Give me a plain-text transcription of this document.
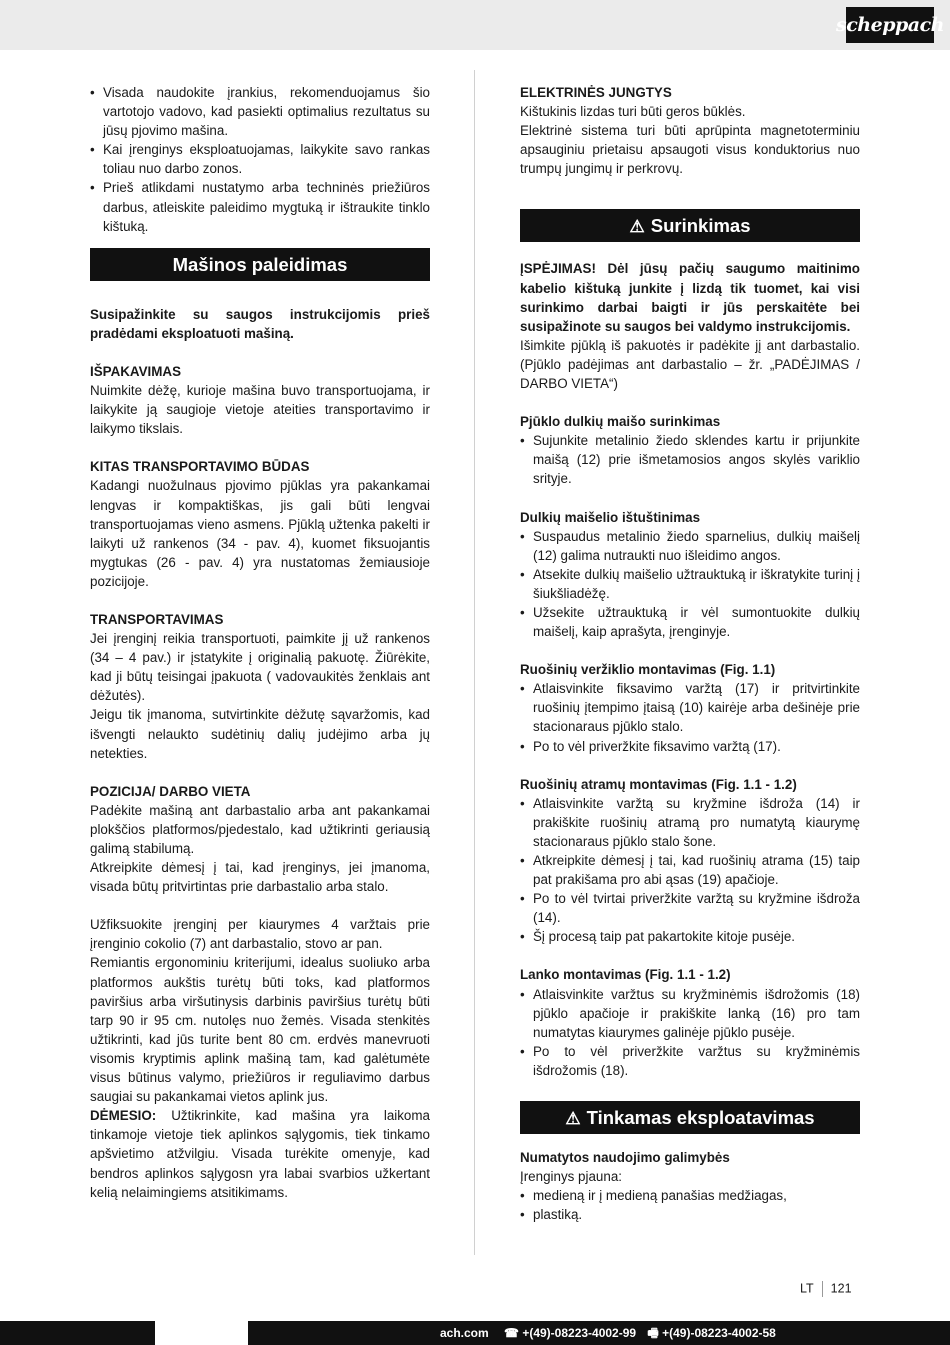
scheppach
• Visada naudokite įrankius, rekomenduojamus šio vartotojo vadovo, kad pasiekti optimalius rezultatus su jūsų pjovimo mašina.
• Kai įrenginys eksploatuojamas, laikykite savo rankas toliau nuo darbo zonos.
• Prieš atlikdami nustatymo arba techninės priežiūros darbus, atleiskite paleidimo mygtuką ir ištraukite tinklo kištuką.
Mašinos paleidimas

Susipažinkite su saugos instrukcijomis prieš pradėdami eksploatuoti mašiną.

IŠPAKAVIMAS

Nuimkite dėžę, kurioje mašina buvo transportuojama, ir laikykite ją saugioje vietoje ateities transportavimo ir laikymo tikslais.

KITAS TRANSPORTAVIMO BŪDAS

Kadangi nuožulnaus pjovimo pjūklas yra pakankamai lengvas ir kompaktiškas, jis gali būti lengvai transportuojamas vieno asmens. Pjūklą užtenka pakelti ir laikyti už rankenos (34 - pav. 4), kuomet fiksuojantis mygtukas (26 - pav. 4) yra nustatomas žemiausioje pozicijoje.

TRANSPORTAVIMAS

Jei įrenginį reikia transportuoti, paimkite jį už rankenos (34 – 4 pav.) ir įstatykite į originalią pakuotę. Žiūrėkite, kad ji būtų teisingai įpakuota ( vadovaukitės ženklais ant dėžutės).

Jeigu tik įmanoma, sutvirtinkite dėžutę sąvaržomis, kad išvengti nelaukto sudėtinių dalių judėjimo arba jų netekties.

POZICIJA/ DARBO VIETA

Padėkite mašiną ant darbastalio arba ant pakankamai plokščios platformos/pjedestalo, kad užtikrinti geriausią galimą stabilumą.

Atkreipkite dėmesį į tai, kad įrenginys, jei įmanoma, visada būtų pritvirtintas prie darbastalio arba stalo.

Užfiksuokite įrenginį per kiaurymes 4 varžtais prie įrenginio cokolio (7) ant darbastalio, stovo ar pan.

Remiantis ergonominiu kriterijumi, idealus suoliuko arba platformos aukštis turėtų būti toks, kad platformos paviršius arba viršutinysis darbinis paviršius turėtų būti tarp 90 ir 95 cm. nutolęs nuo žemės. Visada stenkitės užtikrinti, kad jūs turite bent 80 cm. erdvės manevruoti visomis kryptimis aplink mašiną tam, kad galėtumėte visus būtinus valymo, priežiūros ir reguliavimo darbus saugiai su pakankamai vietos aplink jus.

DĖMESIO: Užtikrinkite, kad mašina yra laikoma tinkamoje vietoje tiek aplinkos sąlygomis, tiek tinkamo apšvietimo atžvilgiu. Visada turėkite omenyje, kad bendros aplinkos sąlygosn yra labai svarbios užkertant kelią nelaimingiems atsitikimams.

ELEKTRINĖS JUNGTYS

Kištukinis lizdas turi būti geros būklės.

Elektrinė sistema turi būti aprūpinta magnetoterminiu apsauginiu prietaisu apsaugoti visus konduktorius nuo trumpų jungimų ir perkrovų.

⚠ Surinkimas

ĮSPĖJIMAS! Dėl jūsų pačių saugumo maitinimo kabelio kištuką junkite į lizdą tik tuomet, kai visi surinkimo darbai baigti ir jūs perskaitėte bei susipažinote su saugos bei valdymo instrukcijomis.

Išimkite pjūklą iš pakuotės ir padėkite jį ant darbastalio. (Pjūklo padėjimas ant darbastalio – žr. „PADĖJIMAS / DARBO VIETA“)

Pjūklo dulkių maišo surinkimas

• Sujunkite metalinio žiedo sklendes kartu ir prijunkite maišą (12) prie išmetamosios angos skylės variklio srityje.

Dulkių maišelio ištuštinimas

• Suspaudus metalinio žiedo sparnelius, dulkių maišelį (12) galima nutraukti nuo išleidimo angos.
• Atsekite dulkių maišelio užtrauktuką ir iškratykite turinį į šiukšliadėžę.
• Užsekite užtrauktuką ir vėl sumontuokite dulkių maišelį, kaip aprašyta, įrenginyje.

Ruošinių veržiklio montavimas (Fig. 1.1)

• Atlaisvinkite fiksavimo varžtą (17) ir pritvirtinkite ruošinių įtempimo įtaisą (10) kairėje arba dešinėje prie stacionaraus pjūklo stalo.
• Po to vėl priveržkite fiksavimo varžtą (17).

Ruošinių atramų montavimas (Fig. 1.1 - 1.2)

• Atlaisvinkite varžtą su kryžmine išdroža (14) ir prakiškite ruošinių atramą pro numatytą kiaurymę stacionaraus pjūklo stalo šone.
• Atkreipkite dėmesį į tai, kad ruošinių atrama (15) taip pat prakišama pro abi ąsas (19) apačioje.
• Po to vėl tvirtai priveržkite varžtą su kryžmine išdroža (14).
• Šį procesą taip pat pakartokite kitoje pusėje.

Lanko montavimas (Fig. 1.1 - 1.2)

• Atlaisvinkite varžtus su kryžminėmis išdrožomis (18) pjūklo apačioje ir prakiškite lanką (16) pro tam numatytas kiaurymes galinėje pjūklo pusėje.
• Po to vėl priveržkite varžtus su kryžminėmis išdrožomis (18).
⚠ Tinkamas eksploatavimas

Numatytos naudojimo galimybės

Įrenginys pjauna:

• medieną ir į medieną panašias medžiagas,
• plastiką.
LT 121
ach.com ☎ +(49)-08223-4002-99 🖷 +(49)-08223-4002-58
